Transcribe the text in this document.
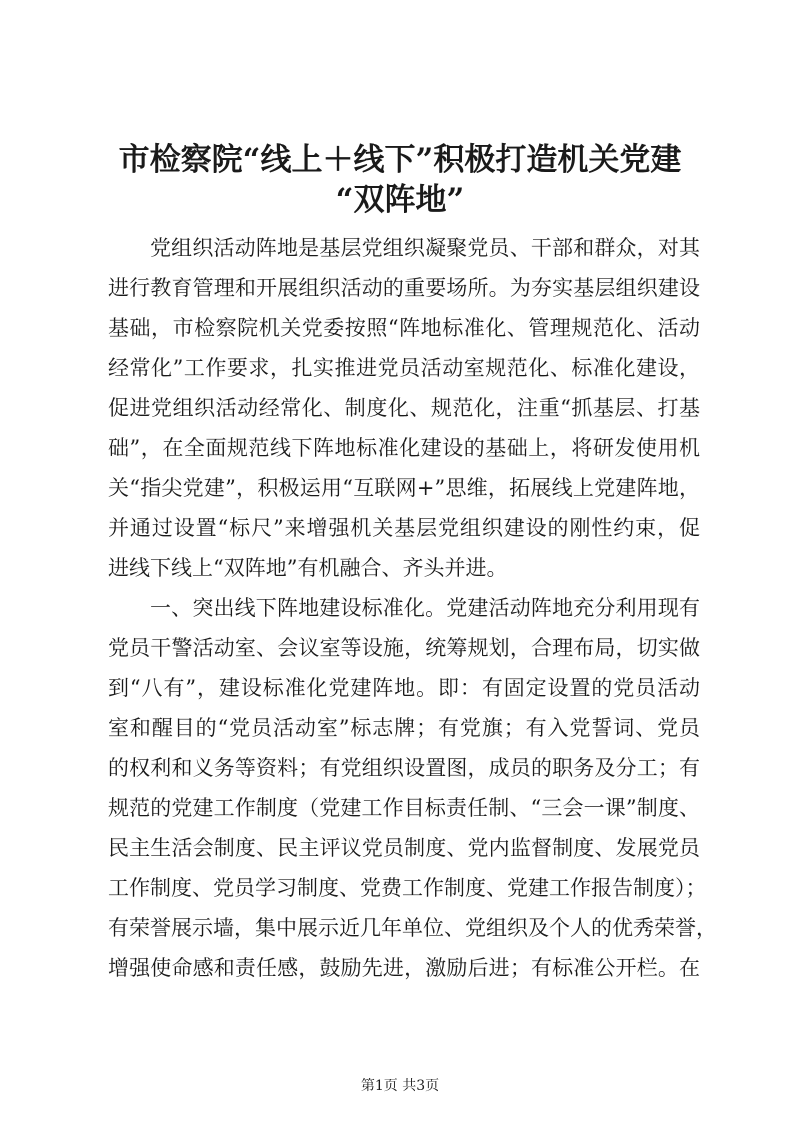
市检察院“线上＋线下”积极打造机关党建
“双阵地”
党组织活动阵地是基层党组织凝聚党员、干部和群众，对其
进行教育管理和开展组织活动的重要场所。为夯实基层组织建设
基础，市检察院机关党委按照“阵地标准化、管理规范化、活动
经常化”工作要求，扎实推进党员活动室规范化、标准化建设，
促进党组织活动经常化、制度化、规范化，注重“抓基层、打基
础”，在全面规范线下阵地标准化建设的基础上，将研发使用机
关“指尖党建”，积极运用“互联网+”思维，拓展线上党建阵地，
并通过设置“标尺”来增强机关基层党组织建设的刚性约束，促
进线下线上“双阵地”有机融合、齐头并进。
一、突出线下阵地建设标准化。党建活动阵地充分利用现有
党员干警活动室、会议室等设施，统筹规划，合理布局，切实做
到“八有”，建设标准化党建阵地。即：有固定设置的党员活动
室和醒目的“党员活动室”标志牌；有党旗；有入党誓词、党员
的权利和义务等资料；有党组织设置图，成员的职务及分工；有
规范的党建工作制度（党建工作目标责任制、“三会一课”制度、
民主生活会制度、民主评议党员制度、党内监督制度、发展党员
工作制度、党员学习制度、党费工作制度、党建工作报告制度）；
有荣誉展示墙，集中展示近几年单位、党组织及个人的优秀荣誉，
增强使命感和责任感，鼓励先进，激励后进；有标准公开栏。在
第1页 共3页
